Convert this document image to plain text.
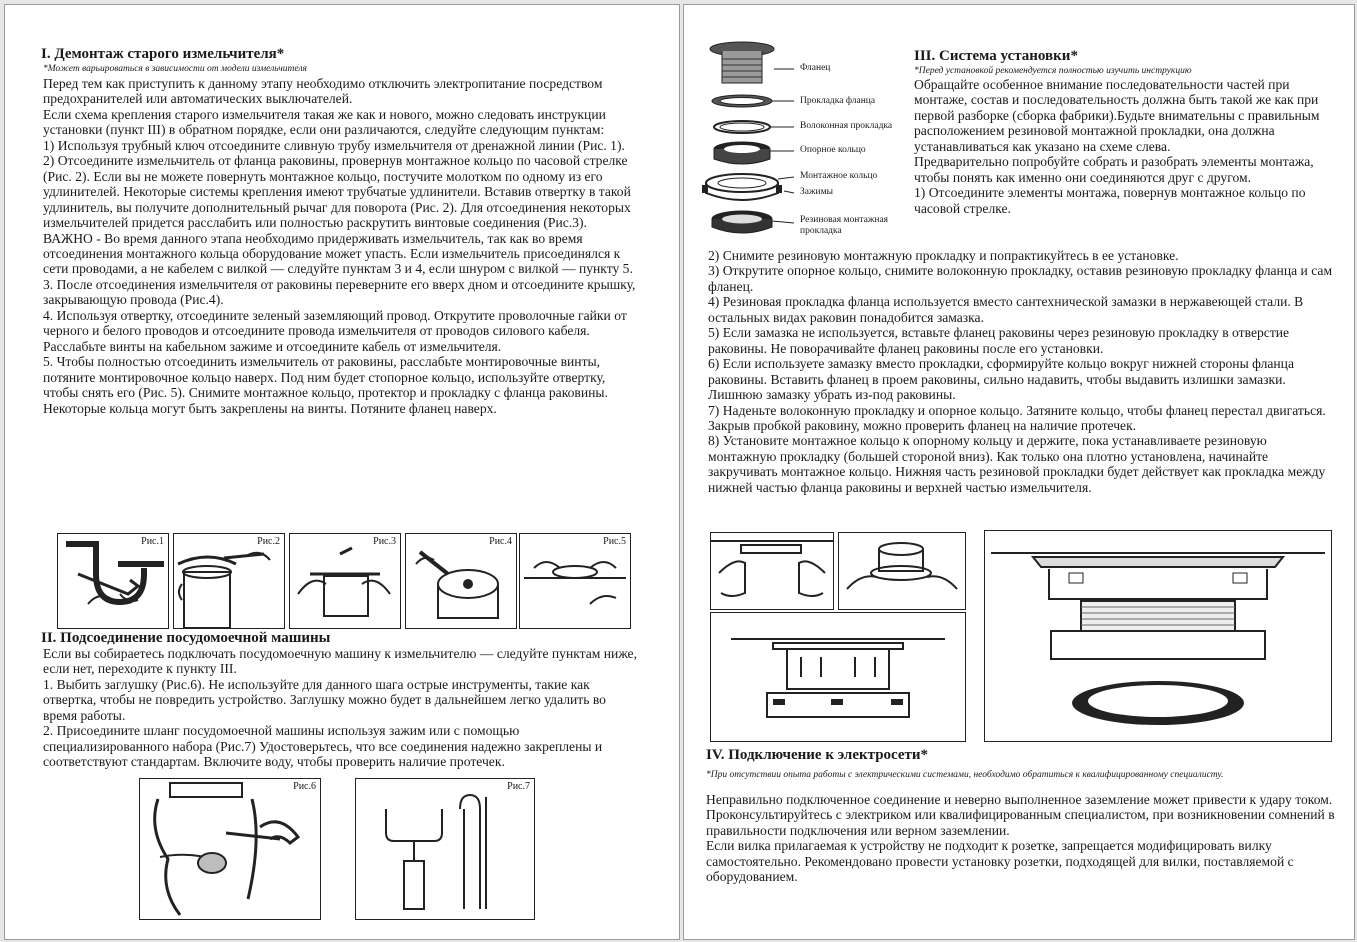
I. Демонтаж старого измельчителя*
*Может варьироваться в зависимости от модели измельчителя

Перед тем как приступить к данному этапу необходимо отключить электропитание посредством предохранителей или автоматических выключателей.

Если схема крепления старого измельчителя такая же как и нового, можно следовать инструкции установки (пункт III) в обратном порядке, если они различаются, следуйте следующим пунктам:

1) Используя трубный ключ отсоедините сливную трубу измельчителя от дренажной линии (Рис. 1).

2) Отсоедините измельчитель от фланца раковины, провернув монтажное кольцо по часовой стрелке (Рис. 2). Если вы не можете повернуть монтажное кольцо, постучите молотком по одному из его удлинителей. Некоторые системы крепления имеют трубчатые удлинители. Вставив отвертку в такой удлинитель, вы получите дополнительный рычаг для поворота (Рис. 2). Для отсоединения некоторых измельчителей придется расслабить или полностью раскрутить винтовые соединения (Рис.3).

ВАЖНО - Во время данного этапа необходимо придерживать измельчитель, так как во время отсоединения монтажного кольца оборудование может упасть. Если измельчитель присоединялся к сети проводами, а не кабелем с вилкой — следуйте пунктам 3 и 4, если шнуром с вилкой — пункту 5.

3. После отсоединения измельчителя от раковины переверните его вверх дном и отсоедините крышку, закрывающую провода (Рис.4).

4. Используя отвертку, отсоедините зеленый заземляющий провод. Открутите проволочные гайки от черного и белого проводов и отсоедините провода измельчителя от проводов силового кабеля. Расслабьте винты на кабельном зажиме и отсоедините кабель от измельчителя.

5. Чтобы полностью отсоединить измельчитель от раковины, расслабьте монтировочные винты, потяните монтировочное кольцо наверх. Под ним будет стопорное кольцо, используйте отвертку, чтобы снять его (Рис. 5). Снимите монтажное кольцо, протектор и прокладку с фланца раковины. Некоторые кольца могут быть закреплены на винты. Потяните фланец наверх.

Рис.1	Рис.2	Рис.3	Рис.4	Рис.5
II. Подсоединение посудомоечной машины

Если вы собираетесь подключать посудомоечную машину к измельчителю — следуйте пунктам ниже, если нет, переходите к пункту III.

1. Выбить заглушку (Рис.6). Не используйте для данного шага острые инструменты, такие как отвертка, чтобы не повредить устройство. Заглушку можно будет в дальнейшем легко удалить во время работы.

2. Присоедините шланг посудомоечной машины используя зажим или с помощью специализированного набора (Рис.7) Удостоверьтесь, что все соединения надежно закреплены и соответствуют стандартам. Включите воду, чтобы проверить наличие протечек.

Рис.6	Рис.7
Фланец
Прокладка фланца
Волоконная прокладка
Опорное кольцо
Монтажное кольцо
Зажимы
Резиновая монтажная прокладка
III. Система установки*
*Перед установкой рекомендуется полностью изучить инструкцию

Обращайте особенное внимание последовательности частей при монтаже, состав и последовательность должна быть такой же как при первой разборке (сборка фабрики).Будьте внимательны с правильным расположением резиновой монтажной прокладки, она должна устанавливаться как указано на схеме слева.

Предварительно попробуйте собрать и разобрать элементы монтажа, чтобы понять как именно они соединяются друг с другом.

1) Отсоедините элементы монтажа, повернув монтажное кольцо по часовой стрелке.

2) Снимите резиновую монтажную прокладку и попрактикуйтесь в ее установке.

3) Открутите опорное кольцо, снимите волоконную прокладку, оставив резиновую прокладку фланца и сам фланец.

4) Резиновая прокладка фланца используется вместо сантехнической замазки в нержавеющей стали. В остальных видах раковин понадобится замазка.

5) Если замазка не используется, вставьте фланец раковины через резиновую прокладку в отверстие раковины. Не поворачивайте фланец раковины после его установки.

6) Если используете замазку вместо прокладки, сформируйте кольцо вокруг нижней стороны фланца раковины. Вставить фланец в проем раковины, сильно надавить, чтобы выдавить излишки замазки. Лишнюю замазку убрать из-под раковины.

7) Наденьте волоконную прокладку и опорное кольцо. Затяните кольцо, чтобы фланец перестал двигаться. Закрыв пробкой раковину, можно проверить фланец на наличие протечек.

8) Установите монтажное кольцо к опорному кольцу и держите, пока устанавливаете резиновую монтажную прокладку (большей стороной вниз). Как только она плотно установлена, начинайте закручивать монтажное кольцо. Нижняя часть резиновой прокладки будет действует как прокладка между нижней частью фланца раковины и верхней частью измельчителя.

IV. Подключение к электросети*
*При отсутствии опыта работы с электрическими системами, необходимо обратиться к квалифицированному специалисту.

Неправильно подключенное соединение и неверно выполненное заземление может привести к удару током. Проконсультируйтесь с электриком или квалифицированным специалистом, при возникновении сомнений в правильности подключения или верном заземлении.

Если вилка прилагаемая к устройству не подходит к розетке, запрещается модифицировать вилку самостоятельно. Рекомендовано провести установку розетки, подходящей для вилки, поставляемой с оборудованием.
